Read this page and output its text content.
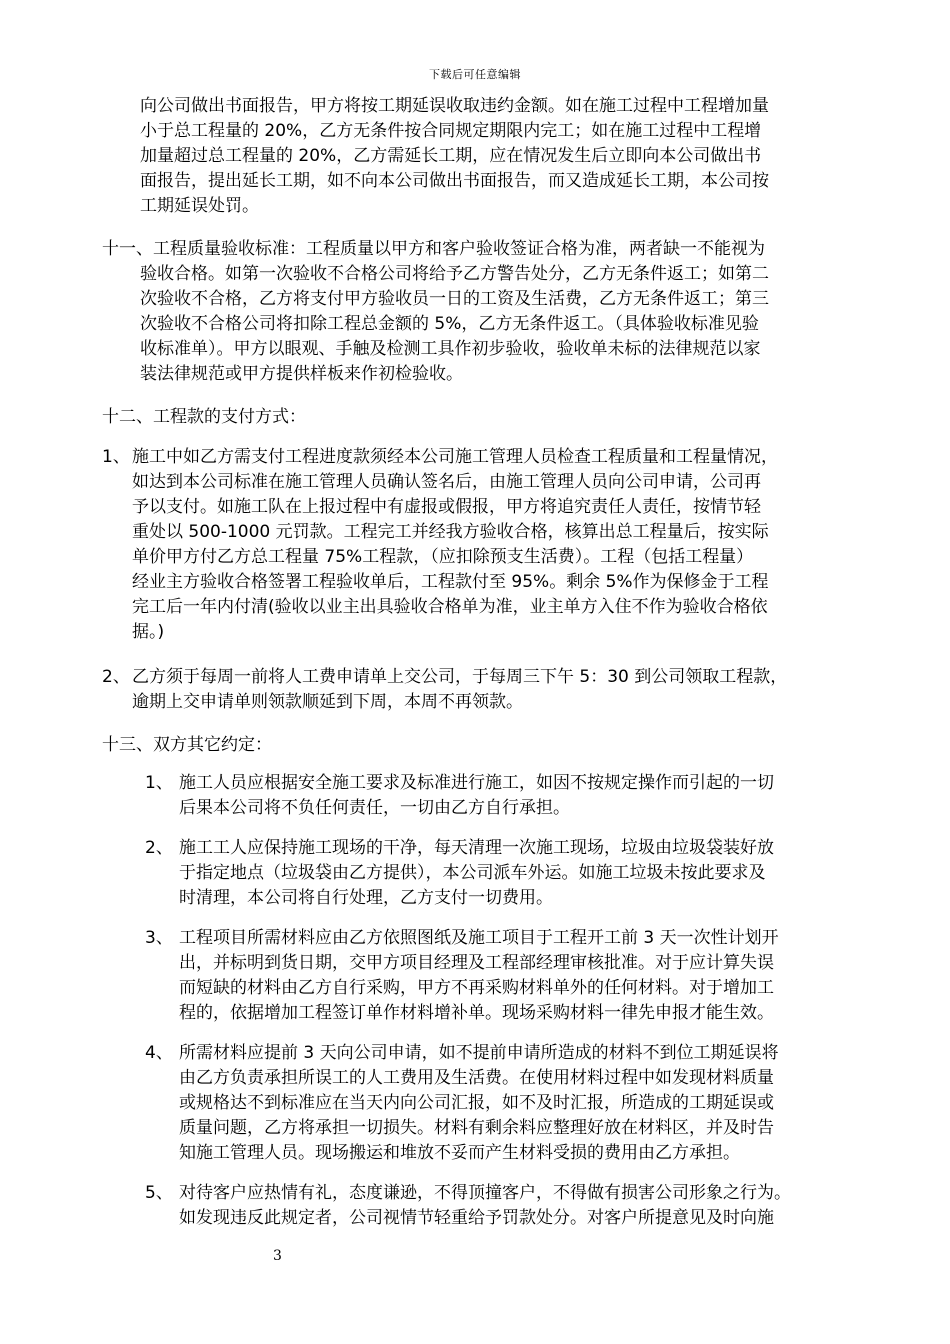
下载后可任意编辑
向公司做出书面报告，甲方将按工期延误收取违约金额。如在施工过程中工程增加量
小于总工程量的 20%，乙方无条件按合同规定期限内完工；如在施工过程中工程增
加量超过总工程量的 20%，乙方需延长工期，应在情况发生后立即向本公司做出书
面报告，提出延长工期，如不向本公司做出书面报告，而又造成延长工期，本公司按
工期延误处罚。
十一、工程质量验收标准：工程质量以甲方和客户验收签证合格为准，两者缺一不能视为
验收合格。如第一次验收不合格公司将给予乙方警告处分，乙方无条件返工；如第二
次验收不合格，乙方将支付甲方验收员一日的工资及生活费，乙方无条件返工；第三
次验收不合格公司将扣除工程总金额的 5%，乙方无条件返工。（具体验收标准见验
收标准单）。甲方以眼观、手触及检测工具作初步验收，验收单未标的法律规范以家
装法律规范或甲方提供样板来作初检验收。
十二、工程款的支付方式：
1、 施工中如乙方需支付工程进度款须经本公司施工管理人员检查工程质量和工程量情况，
如达到本公司标准在施工管理人员确认签名后，由施工管理人员向公司申请，公司再
予以支付。如施工队在上报过程中有虚报或假报，甲方将追究责任人责任，按情节轻
重处以 500-1000 元罚款。工程完工并经我方验收合格，核算出总工程量后，按实际
单价甲方付乙方总工程量 75%工程款，（应扣除预支生活费）。工程（包括工程量）
经业主方验收合格签署工程验收单后，工程款付至 95%。剩余 5%作为保修金于工程
完工后一年内付清(验收以业主出具验收合格单为准，业主单方入住不作为验收合格依
据。)
2、 乙方须于每周一前将人工费申请单上交公司，于每周三下午 5：30 到公司领取工程款，
逾期上交申请单则领款顺延到下周，本周不再领款。
十三、双方其它约定：
1、 施工人员应根据安全施工要求及标准进行施工，如因不按规定操作而引起的一切
后果本公司将不负任何责任，一切由乙方自行承担。
2、 施工工人应保持施工现场的干净，每天清理一次施工现场，垃圾由垃圾袋装好放
于指定地点（垃圾袋由乙方提供），本公司派车外运。如施工垃圾未按此要求及
时清理，本公司将自行处理，乙方支付一切费用。
3、 工程项目所需材料应由乙方依照图纸及施工项目于工程开工前 3 天一次性计划开
出，并标明到货日期，交甲方项目经理及工程部经理审核批准。对于应计算失误
而短缺的材料由乙方自行采购，甲方不再采购材料单外的任何材料。对于增加工
程的，依据增加工程签订单作材料增补单。现场采购材料一律先申报才能生效。
4、 所需材料应提前 3 天向公司申请，如不提前申请所造成的材料不到位工期延误将
由乙方负责承担所误工的人工费用及生活费。在使用材料过程中如发现材料质量
或规格达不到标准应在当天内向公司汇报，如不及时汇报，所造成的工期延误或
质量问题，乙方将承担一切损失。材料有剩余料应整理好放在材料区，并及时告
知施工管理人员。现场搬运和堆放不妥而产生材料受损的费用由乙方承担。
5、 对待客户应热情有礼，态度谦逊，不得顶撞客户，不得做有损害公司形象之行为。
如发现违反此规定者，公司视情节轻重给予罚款处分。对客户所提意见及时向施
3
